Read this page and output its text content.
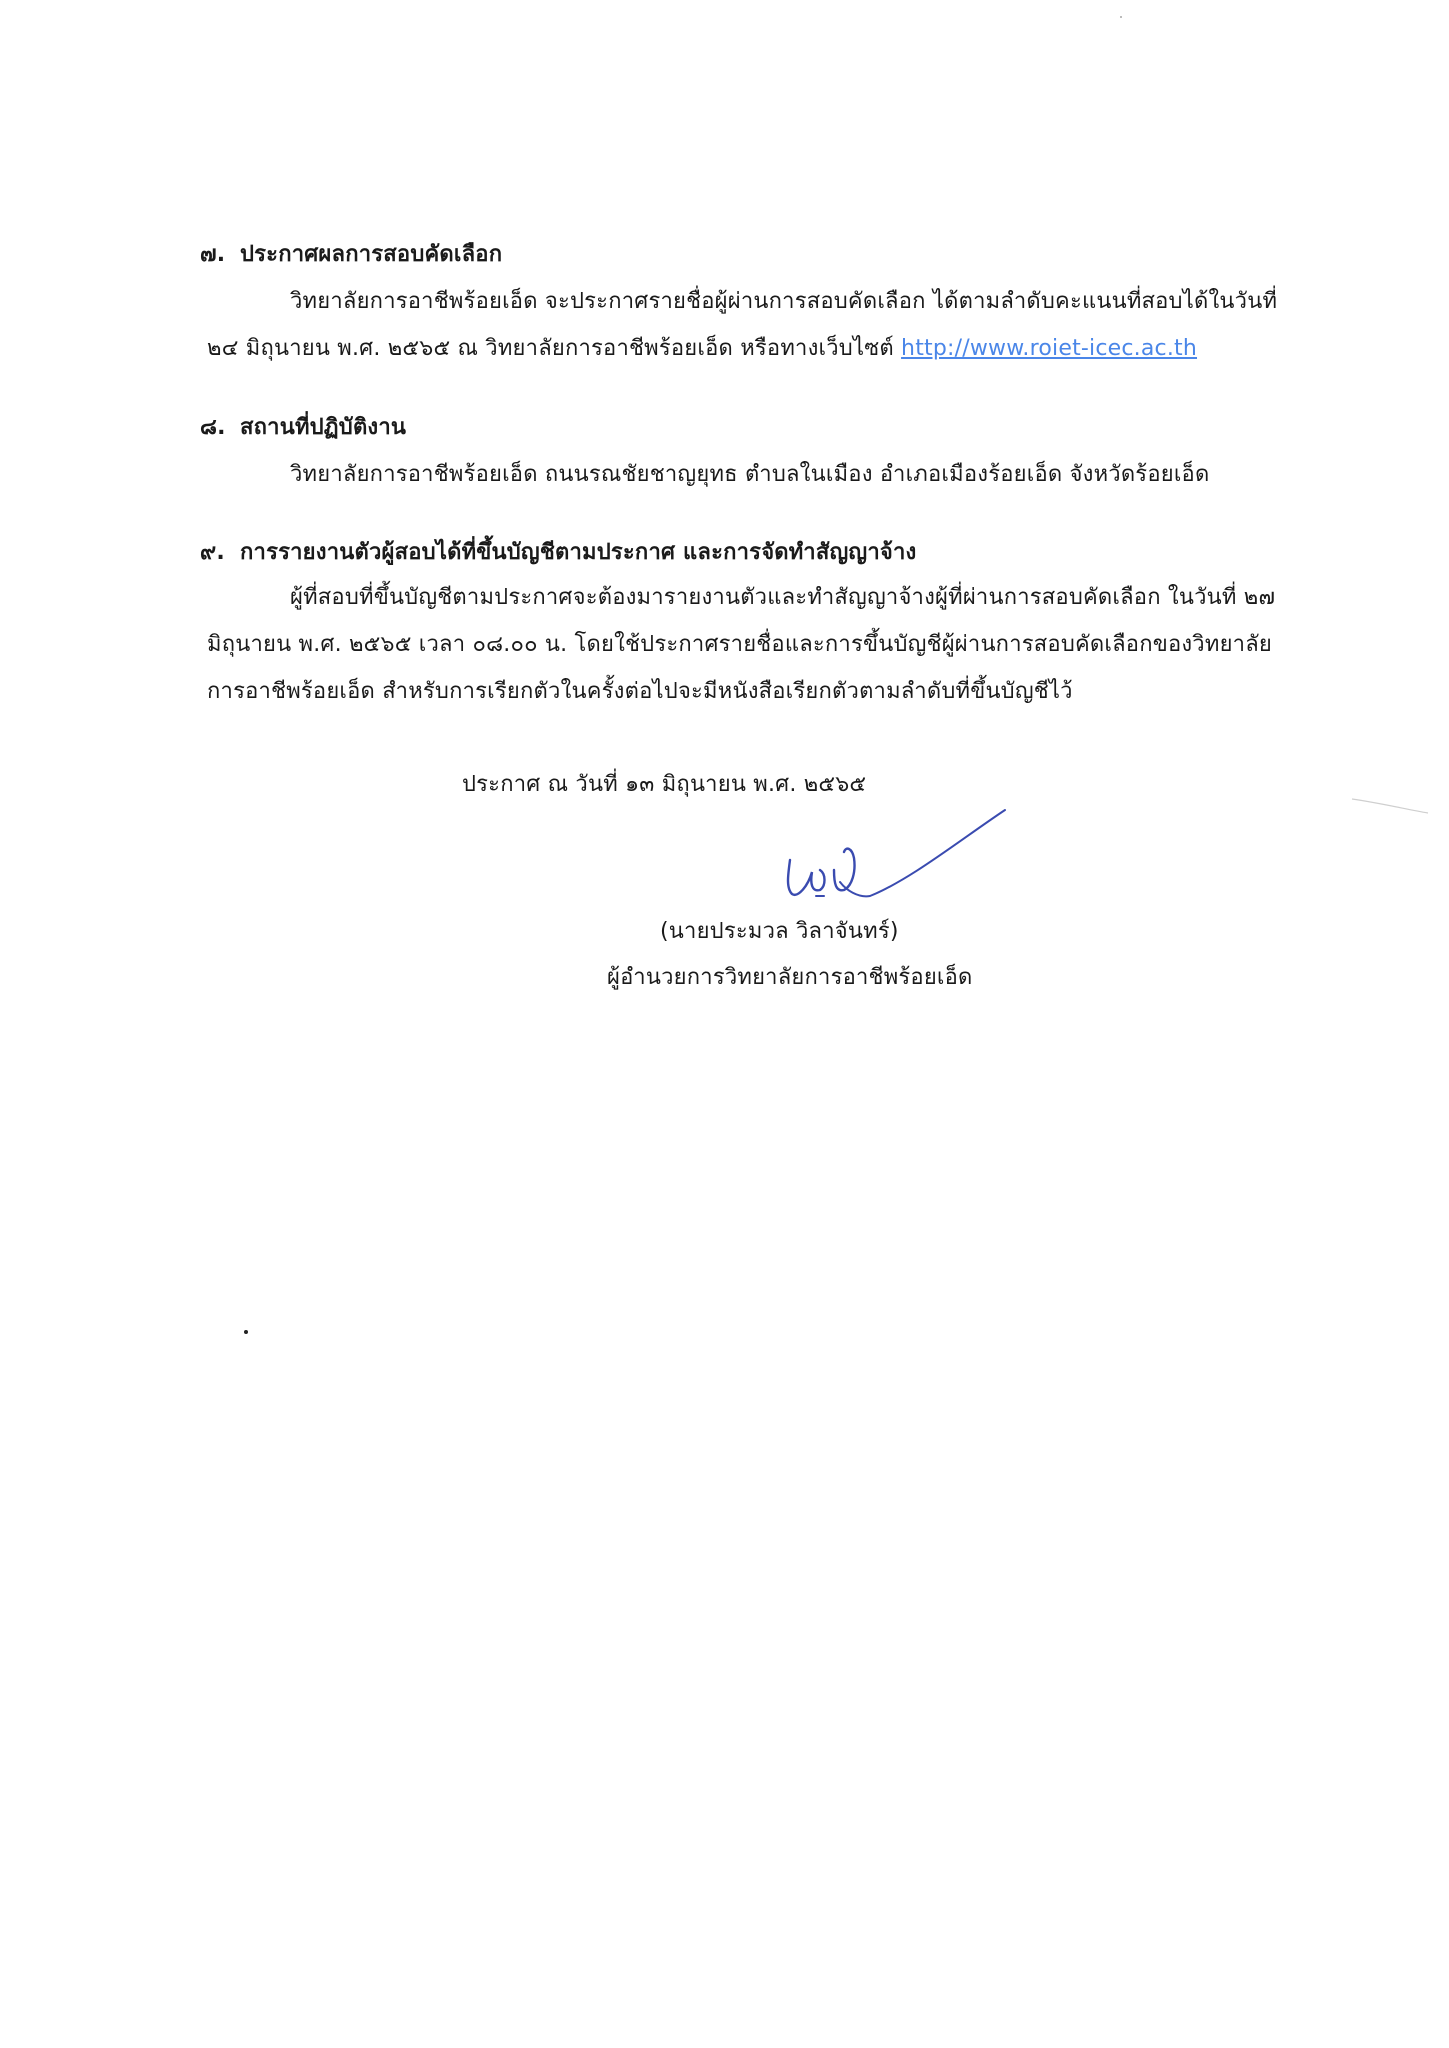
๗. ประกาศผลการสอบคัดเลือก
วิทยาลัยการอาชีพร้อยเอ็ด จะประกาศรายชื่อผู้ผ่านการสอบคัดเลือก ได้ตามลำดับคะแนนที่สอบได้ในวันที่
๒๔ มิถุนายน พ.ศ. ๒๕๖๕ ณ วิทยาลัยการอาชีพร้อยเอ็ด หรือทางเว็บไซต์ http://www.roiet-icec.ac.th
๘. สถานที่ปฏิบัติงาน
วิทยาลัยการอาชีพร้อยเอ็ด ถนนรณชัยชาญยุทธ ตำบลในเมือง อำเภอเมืองร้อยเอ็ด จังหวัดร้อยเอ็ด
๙. การรายงานตัวผู้สอบได้ที่ขึ้นบัญชีตามประกาศ และการจัดทำสัญญาจ้าง
ผู้ที่สอบที่ขึ้นบัญชีตามประกาศจะต้องมารายงานตัวและทำสัญญาจ้างผู้ที่ผ่านการสอบคัดเลือก ในวันที่ ๒๗
มิถุนายน พ.ศ. ๒๕๖๕ เวลา ๐๘.๐๐ น. โดยใช้ประกาศรายชื่อและการขึ้นบัญชีผู้ผ่านการสอบคัดเลือกของวิทยาลัย
การอาชีพร้อยเอ็ด สำหรับการเรียกตัวในครั้งต่อไปจะมีหนังสือเรียกตัวตามลำดับที่ขึ้นบัญชีไว้
ประกาศ ณ วันที่ ๑๓ มิถุนายน พ.ศ. ๒๕๖๕
(นายประมวล วิลาจันทร์)
ผู้อำนวยการวิทยาลัยการอาชีพร้อยเอ็ด
